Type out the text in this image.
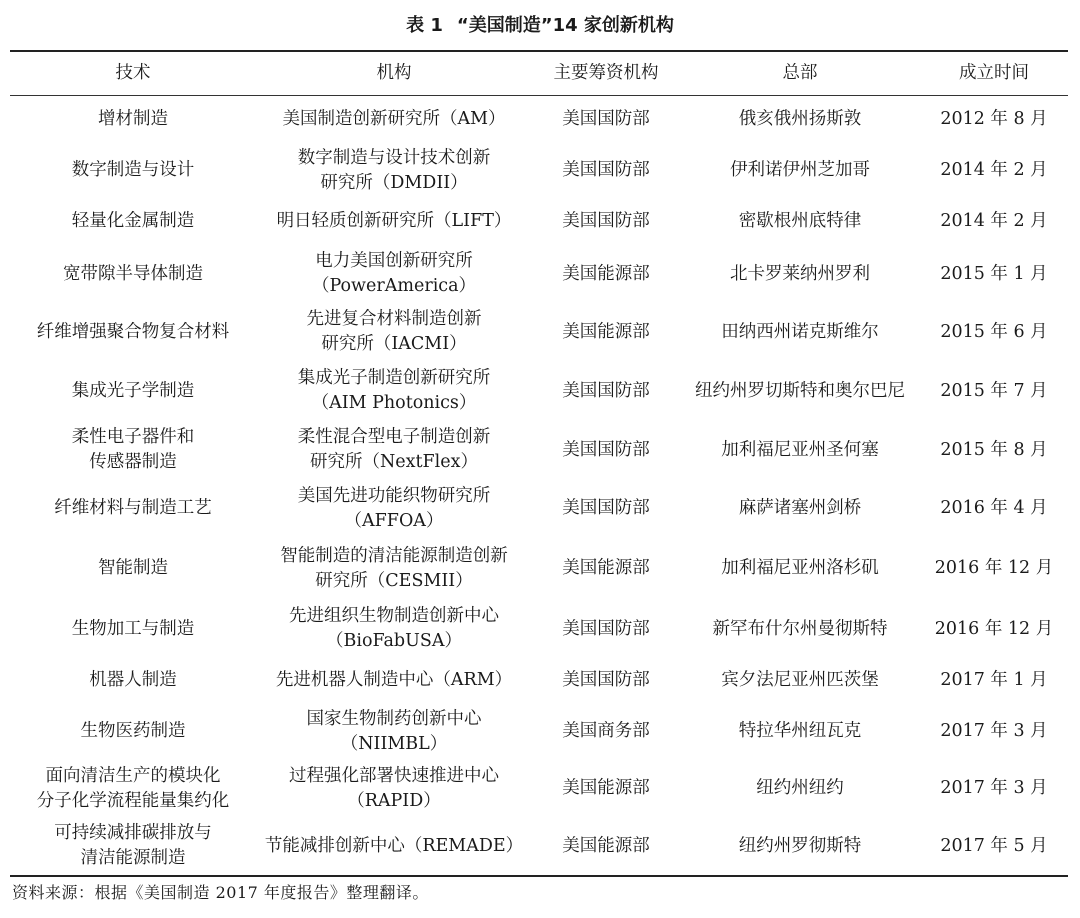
表 1 “美国制造”14 家创新机构
技术	机构	主要筹资机构	总部	成立时间
增材制造	美国制造创新研究所（AM）	美国国防部	俄亥俄州扬斯敦	2012 年 8 月
数字制造与设计	数字制造与设计技术创新
研究所（DMDII）	美国国防部	伊利诺伊州芝加哥	2014 年 2 月
轻量化金属制造	明日轻质创新研究所（LIFT）	美国国防部	密歇根州底特律	2014 年 2 月
宽带隙半导体制造	电力美国创新研究所
（PowerAmerica）	美国能源部	北卡罗莱纳州罗利	2015 年 1 月
纤维增强聚合物复合材料	先进复合材料制造创新
研究所（IACMI）	美国能源部	田纳西州诺克斯维尔	2015 年 6 月
集成光子学制造	集成光子制造创新研究所
（AIM Photonics）	美国国防部	纽约州罗切斯特和奥尔巴尼	2015 年 7 月
柔性电子器件和
传感器制造	柔性混合型电子制造创新
研究所（NextFlex）	美国国防部	加利福尼亚州圣何塞	2015 年 8 月
纤维材料与制造工艺	美国先进功能织物研究所
（AFFOA）	美国国防部	麻萨诸塞州剑桥	2016 年 4 月
智能制造	智能制造的清洁能源制造创新
研究所（CESMII）	美国能源部	加利福尼亚州洛杉矶	2016 年 12 月
生物加工与制造	先进组织生物制造创新中心
（BioFabUSA）	美国国防部	新罕布什尔州曼彻斯特	2016 年 12 月
机器人制造	先进机器人制造中心（ARM）	美国国防部	宾夕法尼亚州匹茨堡	2017 年 1 月
生物医药制造	国家生物制药创新中心
（NIIMBL）	美国商务部	特拉华州纽瓦克	2017 年 3 月
面向清洁生产的模块化
分子化学流程能量集约化	过程强化部署快速推进中心
（RAPID）	美国能源部	纽约州纽约	2017 年 3 月
可持续减排碳排放与
清洁能源制造	节能减排创新中心（REMADE）	美国能源部	纽约州罗彻斯特	2017 年 5 月
资料来源：根据《美国制造 2017 年度报告》整理翻译。
